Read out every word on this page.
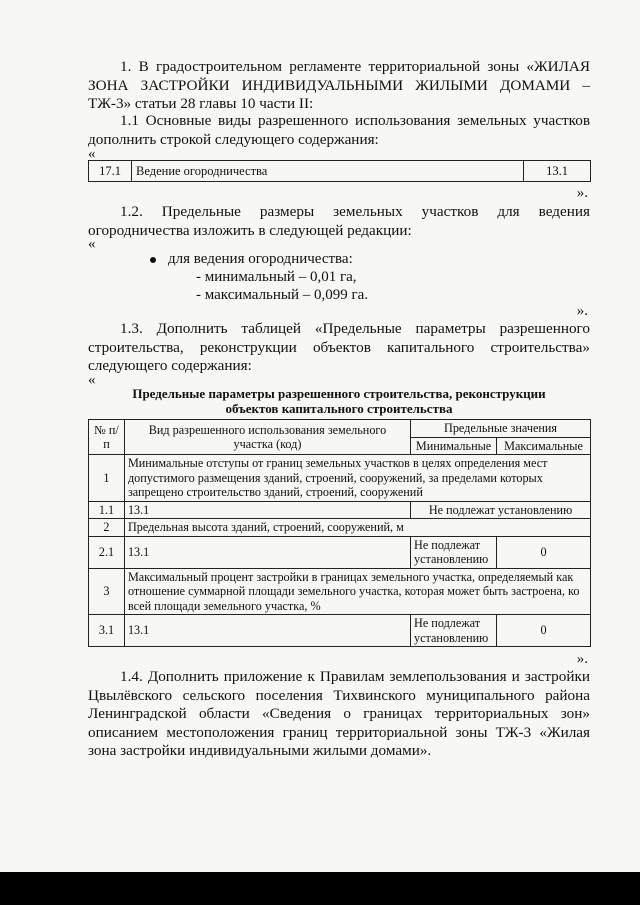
1. В градостроительном регламенте территориальной зоны «ЖИЛАЯ ЗОНА ЗАСТРОЙКИ ИНДИВИДУАЛЬНЫМИ ЖИЛЫМИ ДОМАМИ – ТЖ-3» статьи 28 главы 10 части II:
1.1 Основные виды разрешенного использования земельных участков дополнить строкой следующего содержания:
«
17.1	Ведение огородничества	13.1
».
1.2. Предельные размеры земельных участков для ведения огородничества изложить в следующей редакции:
«
для ведения огородничества:
- минимальный – 0,01 га,
- максимальный – 0,099 га.
».
1.3. Дополнить таблицей «Предельные параметры разрешенного строительства, реконструкции объектов капитального строительства» следующего содержания:
«
Предельные параметры разрешенного строительства, реконструкции
объектов капитального строительства
№ п/п	Вид разрешенного использования земельного участка (код)	Предельные значения	
		Минимальные	Максимальные
1	Минимальные отступы от границ земельных участков в целях определения мест допустимого размещения зданий, строений, сооружений, за пределами которых запрещено строительство зданий, строений, сооружений		
1.1	13.1	Не подлежат установлению	
2	Предельная высота зданий, строений, сооружений, м		
2.1	13.1	Не подлежат установлению	0
3	Максимальный процент застройки в границах земельного участка, определяемый как отношение суммарной площади земельного участка, которая может быть застроена, ко всей площади земельного участка, %		
3.1	13.1	Не подлежат установлению	0
».
1.4. Дополнить приложение к Правилам землепользования и застройки Цвылёвского сельского поселения Тихвинского муниципального района Ленинградской области «Сведения о границах территориальных зон» описанием местоположения границ территориальной зоны ТЖ-3 «Жилая зона застройки индивидуальными жилыми домами».
